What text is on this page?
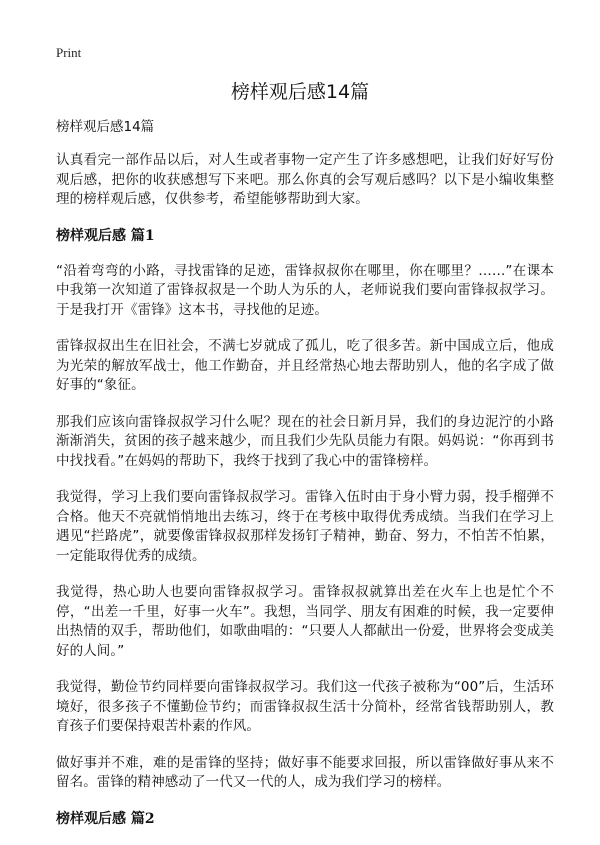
Print
榜样观后感14篇

榜样观后感14篇

认真看完一部作品以后，对人生或者事物一定产生了许多感想吧，让我们好好写份观后感，把你的收获感想写下来吧。那么你真的会写观后感吗？以下是小编收集整理的榜样观后感，仅供参考，希望能够帮助到大家。

榜样观后感 篇1

“沿着弯弯的小路，寻找雷锋的足迹，雷锋叔叔你在哪里，你在哪里？……”在课本中我第一次知道了雷锋叔叔是一个助人为乐的人，老师说我们要向雷锋叔叔学习。于是我打开《雷锋》这本书，寻找他的足迹。

雷锋叔叔出生在旧社会，不满七岁就成了孤儿，吃了很多苦。新中国成立后，他成为光荣的解放军战士，他工作勤奋，并且经常热心地去帮助别人，他的名字成了做好事的“象征。

那我们应该向雷锋叔叔学习什么呢？现在的社会日新月异，我们的身边泥泞的小路渐渐消失，贫困的孩子越来越少，而且我们少先队员能力有限。妈妈说：“你再到书中找找看。”在妈妈的帮助下，我终于找到了我心中的雷锋榜样。

我觉得，学习上我们要向雷锋叔叔学习。雷锋入伍时由于身小臂力弱，投手榴弹不合格。他天不亮就悄悄地出去练习，终于在考核中取得优秀成绩。当我们在学习上遇见“拦路虎”，就要像雷锋叔叔那样发扬钉子精神，勤奋、努力，不怕苦不怕累，一定能取得优秀的成绩。

我觉得，热心助人也要向雷锋叔叔学习。雷锋叔叔就算出差在火车上也是忙个不停，“出差一千里，好事一火车”。我想，当同学、朋友有困难的时候，我一定要伸出热情的双手，帮助他们，如歌曲唱的：“只要人人都献出一份爱，世界将会变成美好的人间。”

我觉得，勤俭节约同样要向雷锋叔叔学习。我们这一代孩子被称为“00”后，生活环境好，很多孩子不懂勤俭节约；而雷锋叔叔生活十分简朴，经常省钱帮助别人，教育孩子们要保持艰苦朴素的作风。

做好事并不难，难的是雷锋的坚持；做好事不能要求回报，所以雷锋做好事从来不留名。雷锋的精神感动了一代又一代的人，成为我们学习的榜样。

榜样观后感 篇2
